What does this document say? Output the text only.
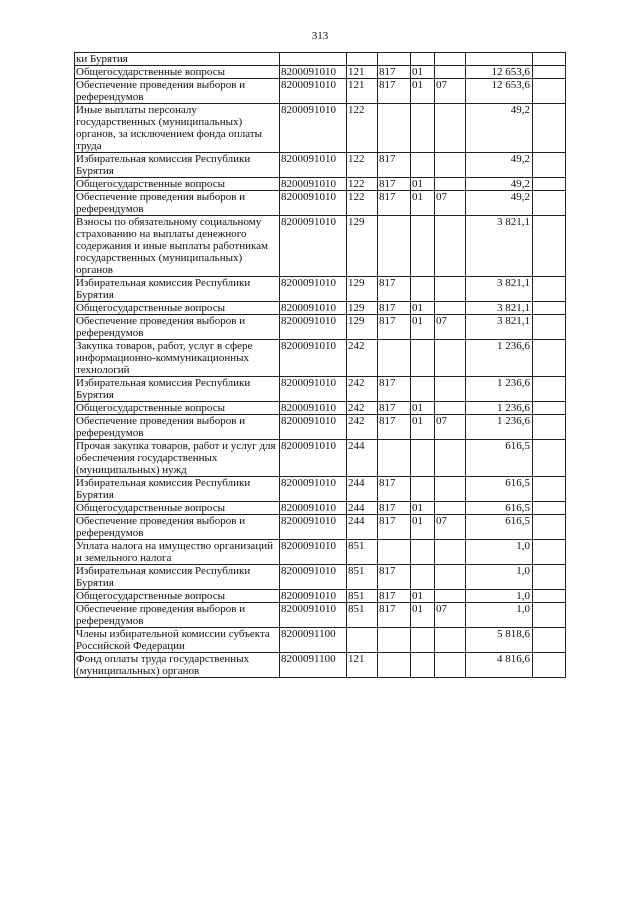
313
ки Бурятия							
Общегосударственные вопросы	8200091010	121	817	01		12 653,6	
Обеспечение проведения выборов и референдумов	8200091010	121	817	01	07	12 653,6	
Иные выплаты персоналу государственных (муниципальных) органов, за исключением фонда оплаты труда	8200091010	122				49,2	
Избирательная комиссия Республики Бурятия	8200091010	122	817			49,2	
Общегосударственные вопросы	8200091010	122	817	01		49,2	
Обеспечение проведения выборов и референдумов	8200091010	122	817	01	07	49,2	
Взносы по обязательному социальному страхованию на выплаты денежного содержания и иные выплаты работникам государственных (муниципальных) органов	8200091010	129				3 821,1	
Избирательная комиссия Республики Бурятия	8200091010	129	817			3 821,1	
Общегосударственные вопросы	8200091010	129	817	01		3 821,1	
Обеспечение проведения выборов и референдумов	8200091010	129	817	01	07	3 821,1	
Закупка товаров, работ, услуг в сфере информационно-коммуникационных технологий	8200091010	242				1 236,6	
Избирательная комиссия Республики Бурятия	8200091010	242	817			1 236,6	
Общегосударственные вопросы	8200091010	242	817	01		1 236,6	
Обеспечение проведения выборов и референдумов	8200091010	242	817	01	07	1 236,6	
Прочая закупка товаров, работ и услуг для обеспечения государственных (муниципальных) нужд	8200091010	244				616,5	
Избирательная комиссия Республики Бурятия	8200091010	244	817			616,5	
Общегосударственные вопросы	8200091010	244	817	01		616,5	
Обеспечение проведения выборов и референдумов	8200091010	244	817	01	07	616,5	
Уплата налога на имущество организаций и земельного налога	8200091010	851				1,0	
Избирательная комиссия Республики Бурятия	8200091010	851	817			1,0	
Общегосударственные вопросы	8200091010	851	817	01		1,0	
Обеспечение проведения выборов и референдумов	8200091010	851	817	01	07	1,0	
Члены избирательной комиссии субъекта Российской Федерации	8200091100					5 818,6	
Фонд оплаты труда государственных (муниципальных) органов	8200091100	121				4 816,6	
